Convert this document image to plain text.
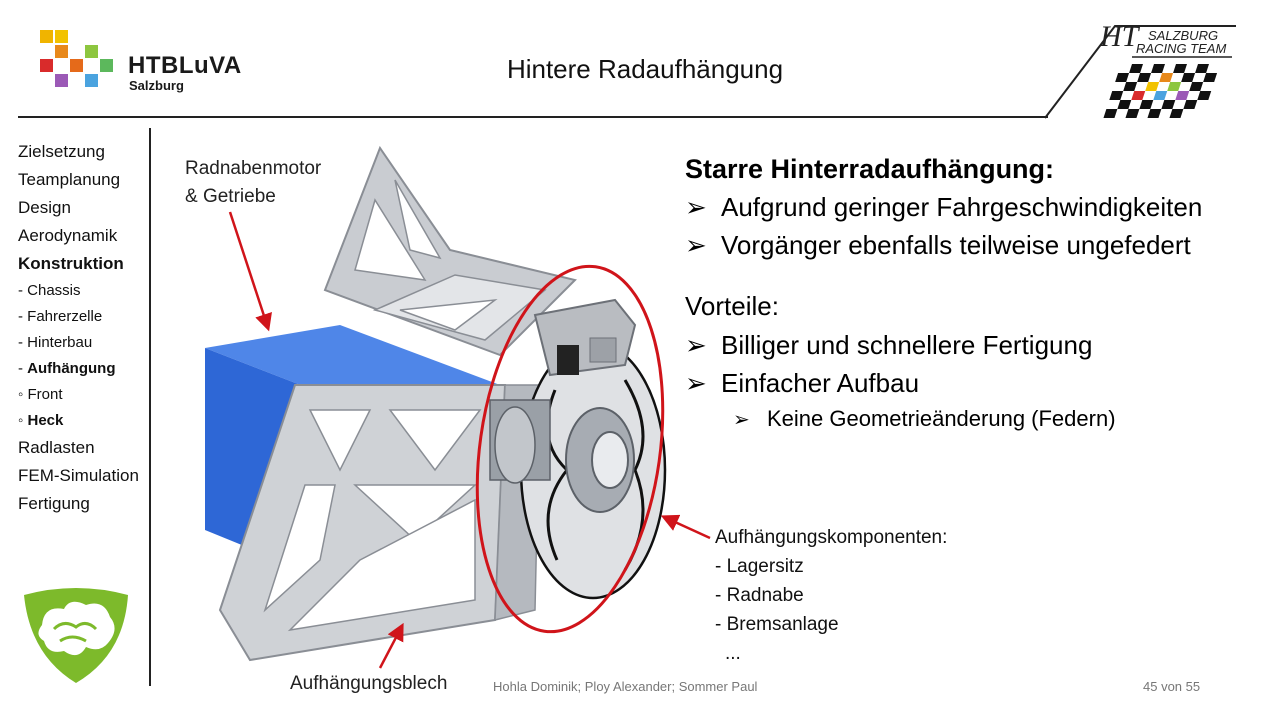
HTBLuVA
Salzburg
Hintere Radaufhängung
HT SALZBURG
RACING TEAM
Zielsetzung
Teamplanung
Design
Aerodynamik
Konstruktion
- Chassis
- Fahrerzelle
- Hinterbau
- Aufhängung
◦ Front
◦ Heck
Radlasten
FEM-Simulation
Fertigung
Radnabenmotor
& Getriebe
Aufhängungsblech
Aufhängungskomponenten:
- Lagersitz
- Radnabe
- Bremsanlage
...
Starre Hinterradaufhängung:
➢ Aufgrund geringer Fahrgeschwindigkeiten
➢ Vorgänger ebenfalls teilweise ungefedert
Vorteile:
➢ Billiger und schnellere Fertigung
➢ Einfacher Aufbau
➢ Keine Geometrieänderung (Federn)
Hohla Dominik; Ploy Alexander; Sommer Paul	45 von 55
